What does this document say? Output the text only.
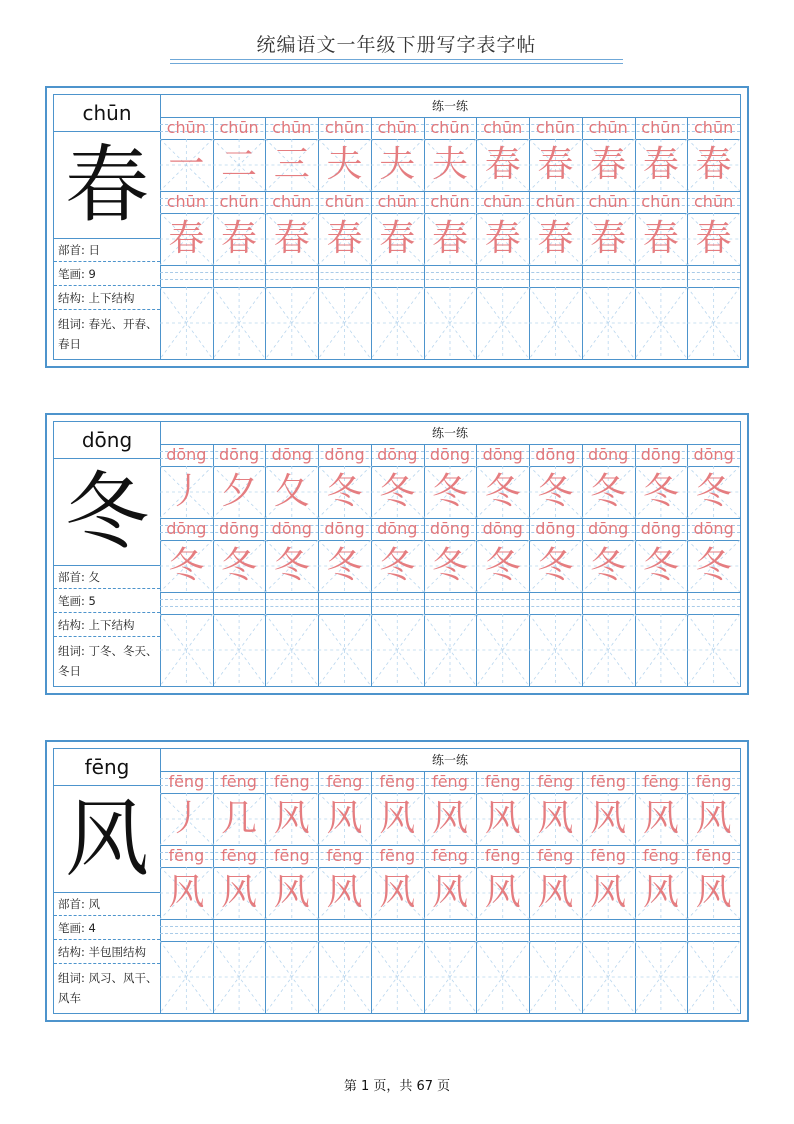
统编语文一年级下册写字表字帖
chūn
春
部首: 日
笔画: 9
结构: 上下结构
组词: 春光、开春、春日
练一练
chūn chūn chūn chūn chūn chūn chūn chūn chūn chūn chūn
chūn chūn chūn chūn chūn chūn chūn chūn chūn chūn chūn
一 二 三 夫 夫 夫 春 春 春 春 春
春 春 春 春 春 春 春 春 春 春 春
dōng
冬
部首: 夂
笔画: 5
结构: 上下结构
组词: 丁冬、冬天、冬日
练一练
dōng dōng dōng dōng dōng dōng dōng dōng dōng dōng dōng
dōng dōng dōng dōng dōng dōng dōng dōng dōng dōng dōng
丿 夕 夂 冬 冬 冬 冬 冬 冬 冬 冬
冬 冬 冬 冬 冬 冬 冬 冬 冬 冬 冬
fēng
风
部首: 风
笔画: 4
结构: 半包围结构
组词: 风习、风干、风车
练一练
fēng	fēng	fēng	fēng	fēng	fēng	fēng	fēng	fēng	fēng	fēng
fēng	fēng	fēng	fēng	fēng	fēng	fēng	fēng	fēng	fēng	fēng
丿 几 风 风 风 风 风 风 风 风 风
风 风 风 风 风 风 风 风 风 风 风
第 1 页，共 67 页
